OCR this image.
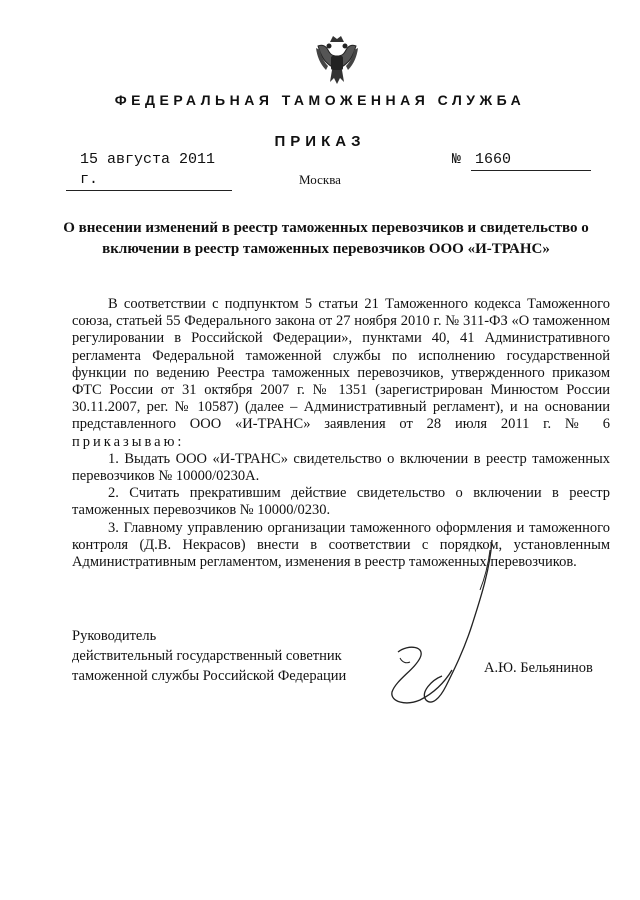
ФЕДЕРАЛЬНАЯ ТАМОЖЕННАЯ СЛУЖБА
ПРИКАЗ
15 августа 2011 г.
№ 1660
Москва
О внесении изменений в реестр таможенных перевозчиков и свидетельство о включении в реестр таможенных перевозчиков ООО «И-ТРАНС»

В соответствии с подпунктом 5 статьи 21 Таможенного кодекса Таможенного союза, статьей 55 Федерального закона от 27 ноября 2010 г. № 311-ФЗ «О таможенном регулировании в Российской Федерации», пунктами 40, 41 Административного регламента Федеральной таможенной службы по исполнению государственной функции по ведению Реестра таможенных перевозчиков, утвержденного приказом ФТС России от 31 октября 2007 г. № 1351 (зарегистрирован Минюстом России 30.11.2007, рег. № 10587) (далее – Административный регламент), и на основании представленного ООО «И-ТРАНС» заявления от 28 июля 2011 г. № 6 приказываю:

1. Выдать ООО «И-ТРАНС» свидетельство о включении в реестр таможенных перевозчиков № 10000/0230А.

2. Считать прекратившим действие свидетельство о включении в реестр таможенных перевозчиков № 10000/0230.

3. Главному управлению организации таможенного оформления и таможенного контроля (Д.В. Некрасов) внести в соответствии с порядком, установленным Административным регламентом, изменения в реестр таможенных перевозчиков.

Руководитель
действительный государственный советник
таможенной службы Российской Федерации	А.Ю. Бельянинов
